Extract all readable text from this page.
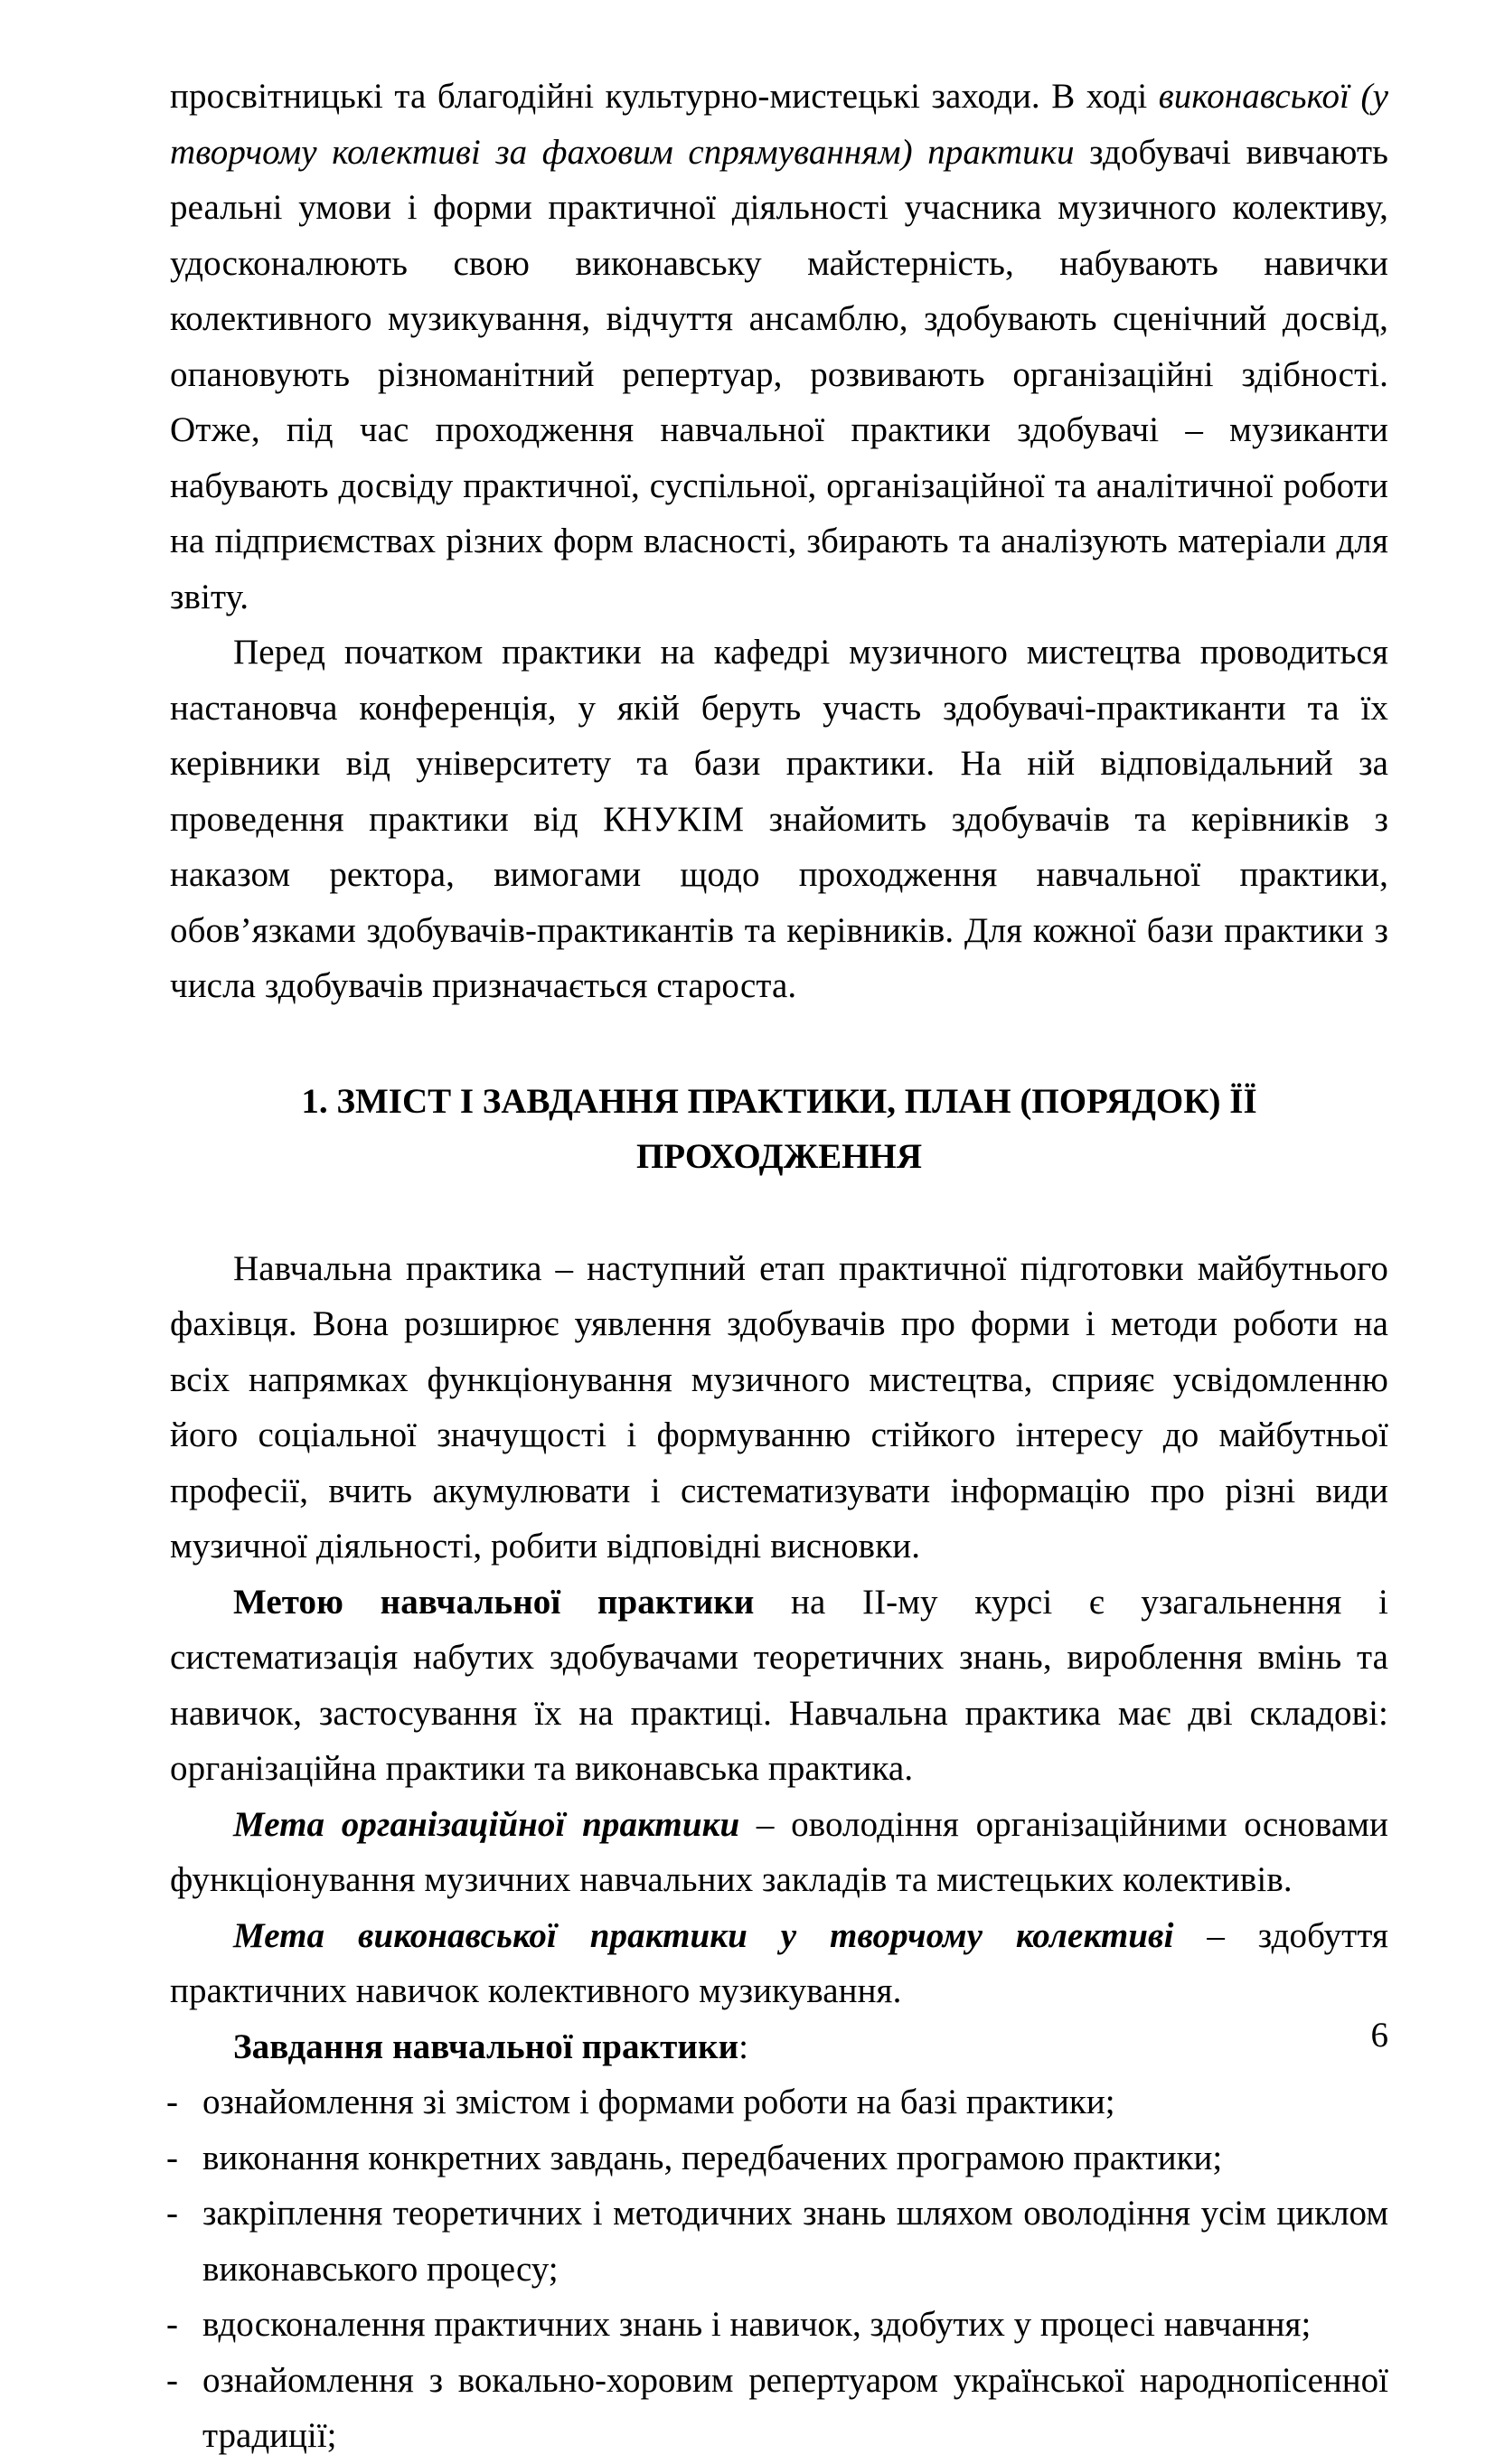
просвітницькі та благодійні культурно-мистецькі заходи. В ході виконавської (у творчому колективі за фаховим спрямуванням) практики здобувачі вивчають реальні умови і форми практичної діяльності учасника музичного колективу, удосконалюють свою виконавську майстерність, набувають навички колективного музикування, відчуття ансамблю, здобувають сценічний досвід, опановують різноманітний репертуар, розвивають організаційні здібності. Отже, під час проходження навчальної практики здобувачі – музиканти набувають досвіду практичної, суспільної, організаційної та аналітичної роботи на підприємствах різних форм власності, збирають та аналізують матеріали для звіту.

Перед початком практики на кафедрі музичного мистецтва проводиться настановча конференція, у якій беруть участь здобувачі-практиканти та їх керівники від університету та бази практики. На ній відповідальний за проведення практики від КНУКІМ знайомить здобувачів та керівників з наказом ректора, вимогами щодо проходження навчальної практики, обов’язками здобувачів-практикантів та керівників. Для кожної бази практики з числа здобувачів призначається староста.

1. ЗМІСТ І ЗАВДАННЯ ПРАКТИКИ, ПЛАН (ПОРЯДОК) ЇЇ ПРОХОДЖЕННЯ

Навчальна практика – наступний етап практичної підготовки майбутнього фахівця. Вона розширює уявлення здобувачів про форми і методи роботи на всіх напрямках функціонування музичного мистецтва, сприяє усвідомленню його соціальної значущості і формуванню стійкого інтересу до майбутньої професії, вчить акумулювати і систематизувати інформацію про різні види музичної діяльності, робити відповідні висновки.

Метою навчальної практики на ІІ-му курсі є узагальнення і систематизація набутих здобувачами теоретичних знань, вироблення вмінь та навичок, застосування їх на практиці. Навчальна практика має дві складові: організаційна практики та виконавська практика.

Мета організаційної практики – оволодіння організаційними основами функціонування музичних навчальних закладів та мистецьких колективів.

Мета виконавської практики у творчому колективі – здобуття практичних навичок колективного музикування.

Завдання навчальної практики:

- ознайомлення зі змістом і формами роботи на базі практики;
- виконання конкретних завдань, передбачених програмою практики;
- закріплення теоретичних і методичних знань шляхом оволодіння усім циклом виконавського процесу;
- вдосконалення практичних знань і навичок, здобутих у процесі навчання;
- ознайомлення з вокально-хоровим репертуаром української народнопісенної традиції;
6
